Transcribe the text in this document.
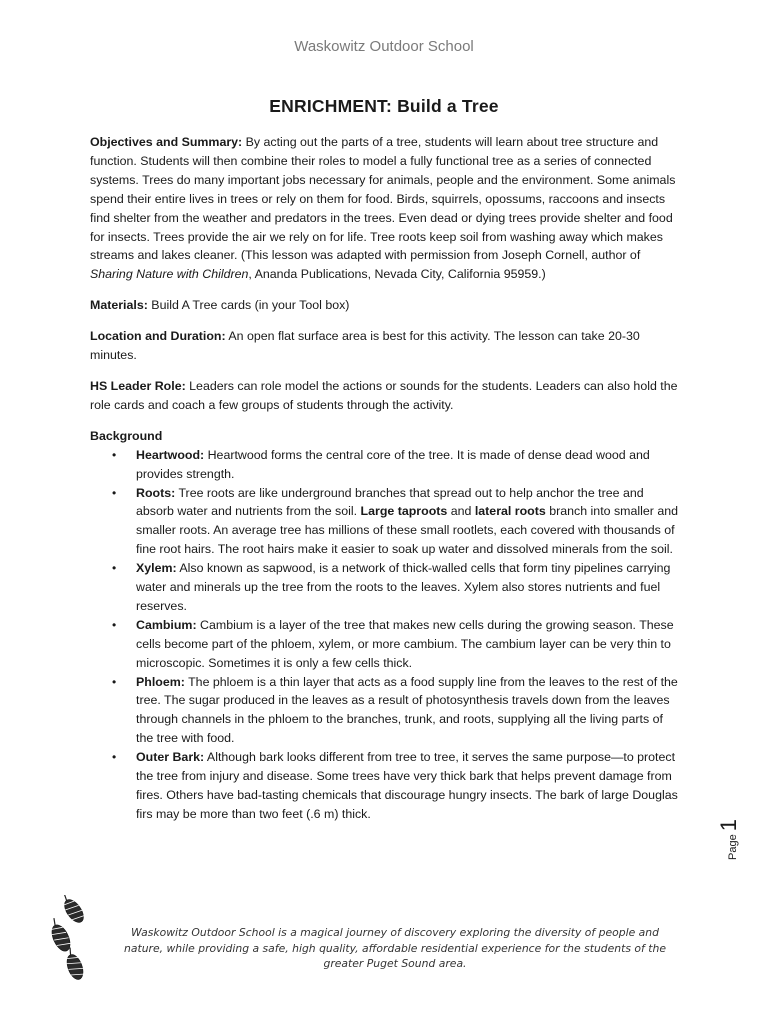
Waskowitz Outdoor School
ENRICHMENT: Build a Tree

Objectives and Summary: By acting out the parts of a tree, students will learn about tree structure and function. Students will then combine their roles to model a fully functional tree as a series of connected systems. Trees do many important jobs necessary for animals, people and the environment. Some animals spend their entire lives in trees or rely on them for food. Birds, squirrels, opossums, raccoons and insects find shelter from the weather and predators in the trees. Even dead or dying trees provide shelter and food for insects. Trees provide the air we rely on for life. Tree roots keep soil from washing away which makes streams and lakes cleaner. (This lesson was adapted with permission from Joseph Cornell, author of Sharing Nature with Children, Ananda Publications, Nevada City, California 95959.)

Materials: Build A Tree cards (in your Tool box)

Location and Duration: An open flat surface area is best for this activity. The lesson can take 20-30 minutes.

HS Leader Role: Leaders can role model the actions or sounds for the students. Leaders can also hold the role cards and coach a few groups of students through the activity.

Background

• Heartwood: Heartwood forms the central core of the tree. It is made of dense dead wood and provides strength.
• Roots: Tree roots are like underground branches that spread out to help anchor the tree and absorb water and nutrients from the soil. Large taproots and lateral roots branch into smaller and smaller roots. An average tree has millions of these small rootlets, each covered with thousands of fine root hairs. The root hairs make it easier to soak up water and dissolved minerals from the soil.
• Xylem: Also known as sapwood, is a network of thick-walled cells that form tiny pipelines carrying water and minerals up the tree from the roots to the leaves. Xylem also stores nutrients and fuel reserves.
• Cambium: Cambium is a layer of the tree that makes new cells during the growing season. These cells become part of the phloem, xylem, or more cambium. The cambium layer can be very thin to microscopic. Sometimes it is only a few cells thick.
• Phloem: The phloem is a thin layer that acts as a food supply line from the leaves to the rest of the tree. The sugar produced in the leaves as a result of photosynthesis travels down from the leaves through channels in the phloem to the branches, trunk, and roots, supplying all the living parts of the tree with food.
• Outer Bark: Although bark looks different from tree to tree, it serves the same purpose—to protect the tree from injury and disease. Some trees have very thick bark that helps prevent damage from fires. Others have bad-tasting chemicals that discourage hungry insects. The bark of large Douglas firs may be more than two feet (.6 m) thick.
Page1
Waskowitz Outdoor School is a magical journey of discovery exploring the diversity of people and nature, while providing a safe, high quality, affordable residential experience for the students of the greater Puget Sound area.
